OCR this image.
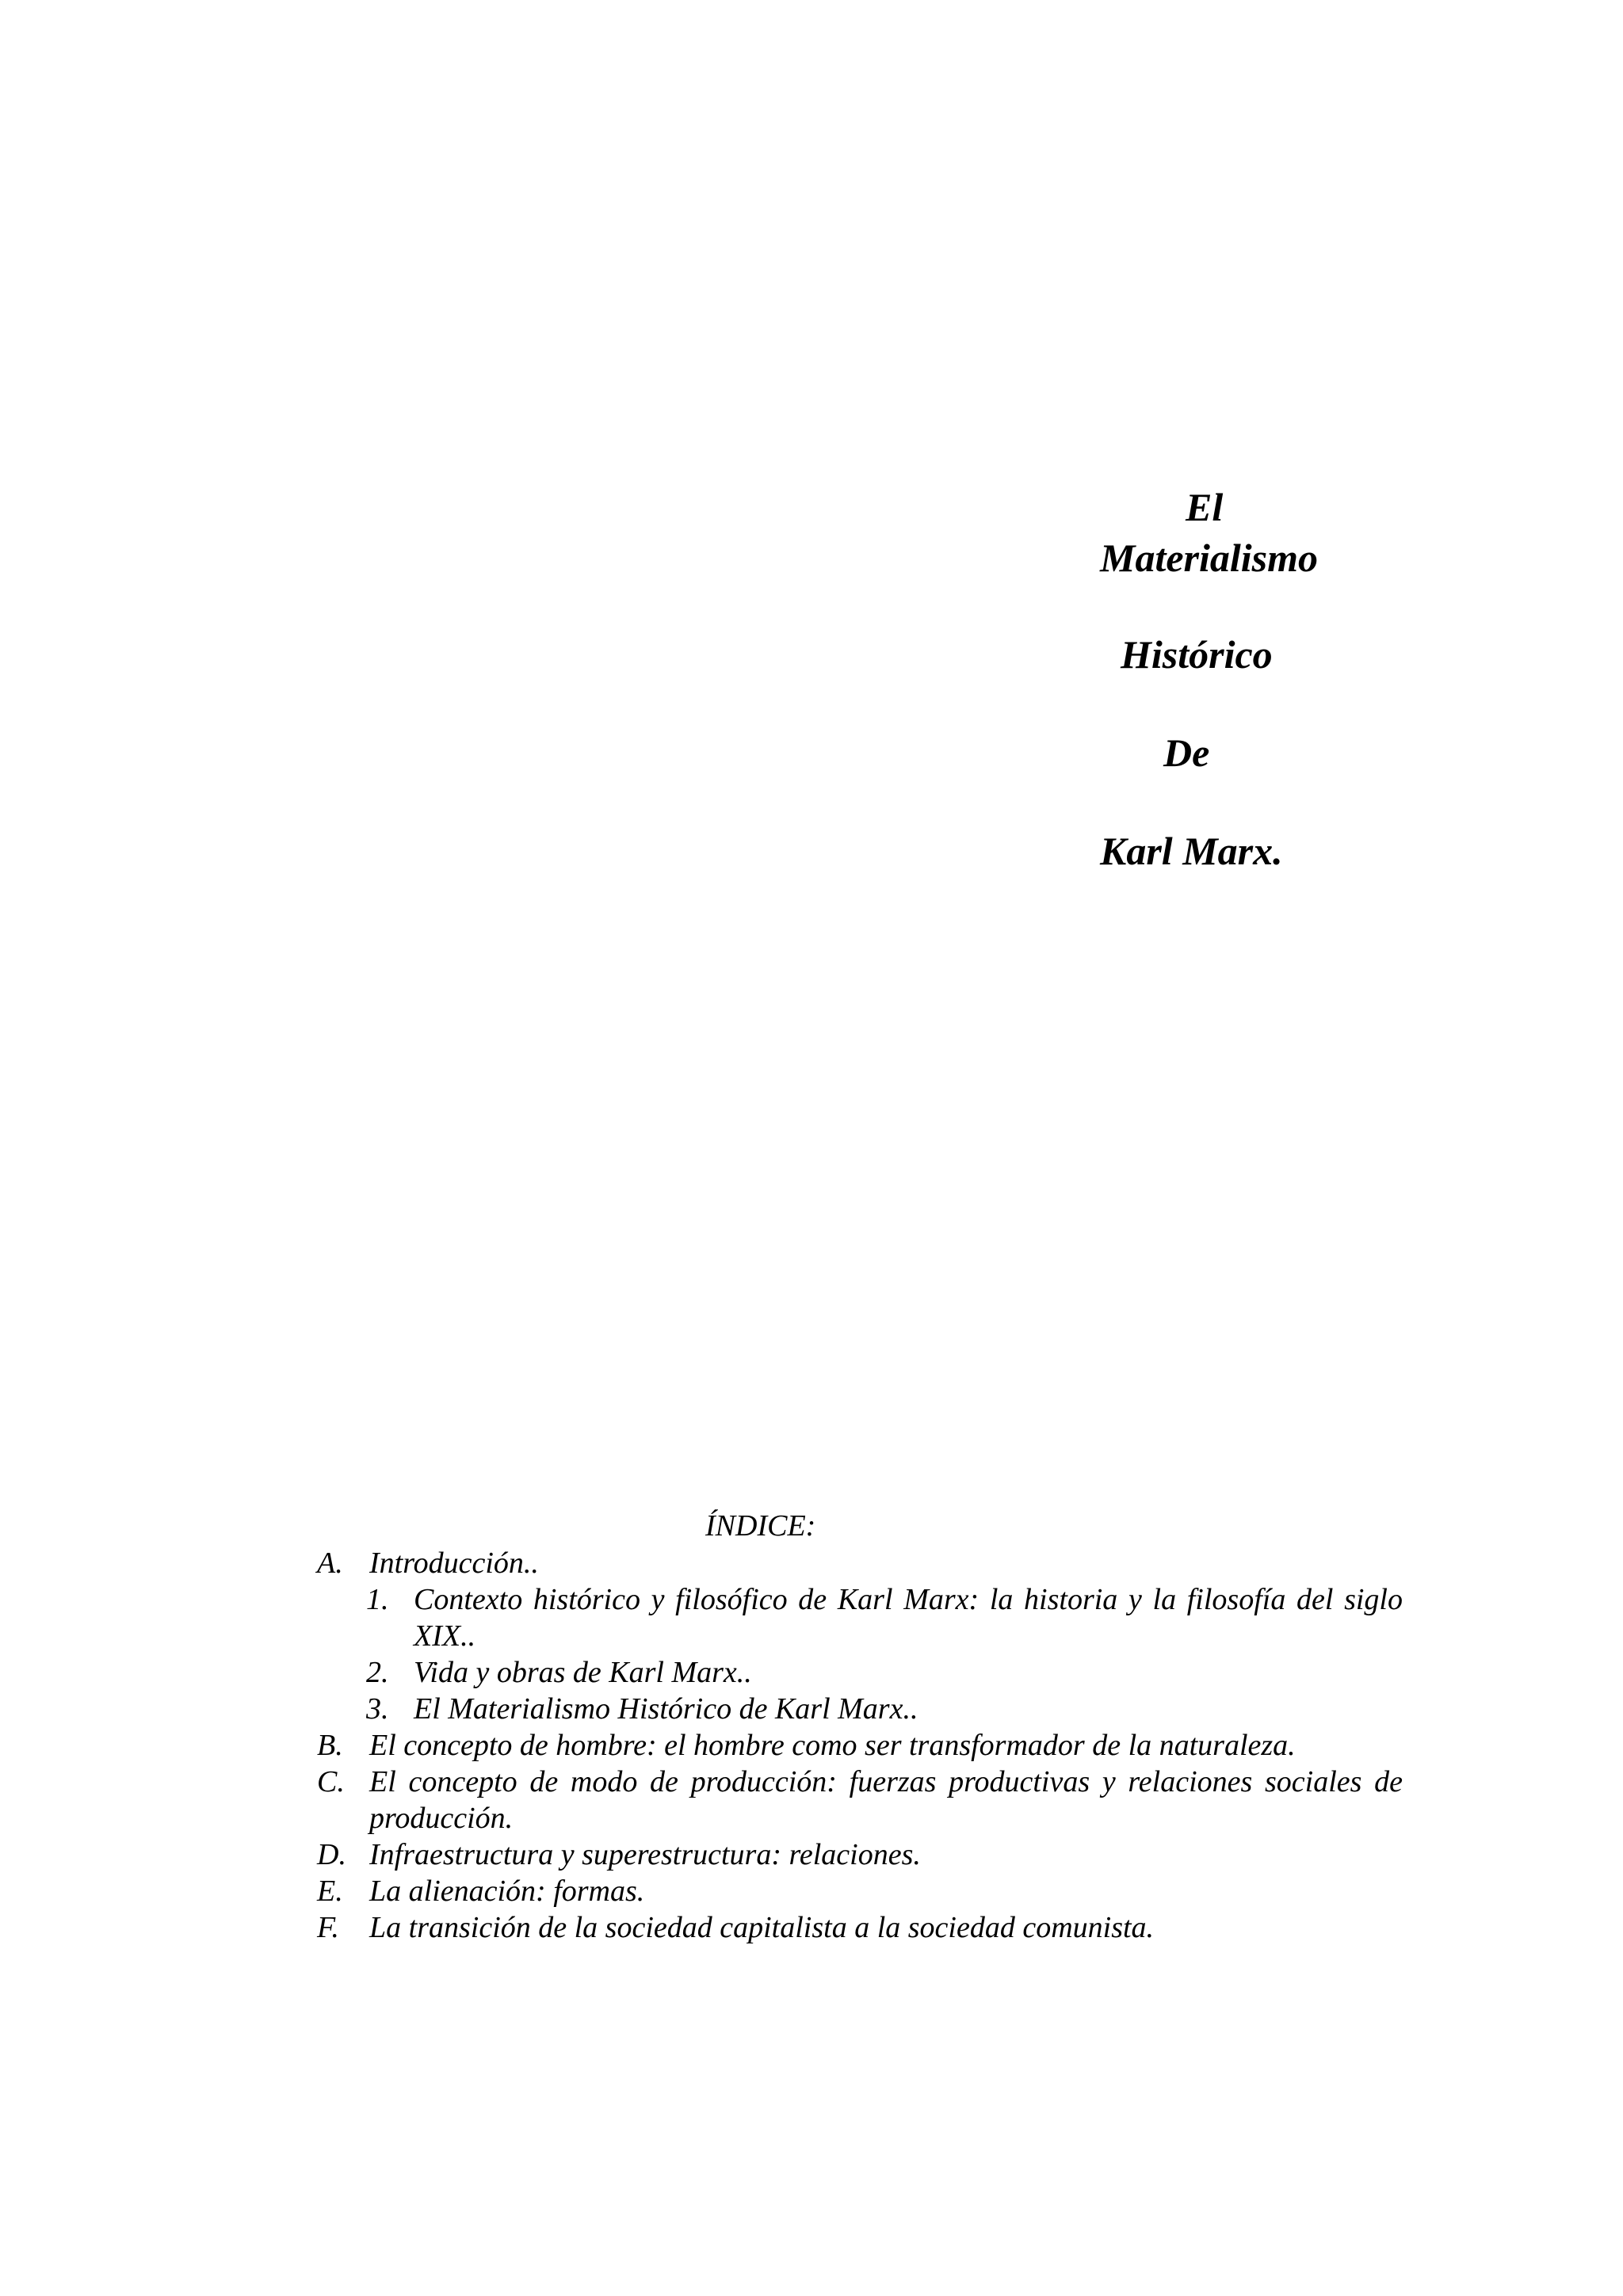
El
Materialismo
Histórico
De
Karl Marx.
ÍNDICE:
A. Introducción..
1. Contexto histórico y filosófico de Karl Marx: la historia y la filosofía del siglo XIX..
2. Vida y obras de Karl Marx..
3. El Materialismo Histórico de Karl Marx..
B. El concepto de hombre: el hombre como ser transformador de la naturaleza.
C. El concepto de modo de producción: fuerzas productivas y relaciones sociales de producción.
D. Infraestructura y superestructura: relaciones.
E. La alienación: formas.
F.	La transición de la sociedad capitalista a la sociedad comunista.
